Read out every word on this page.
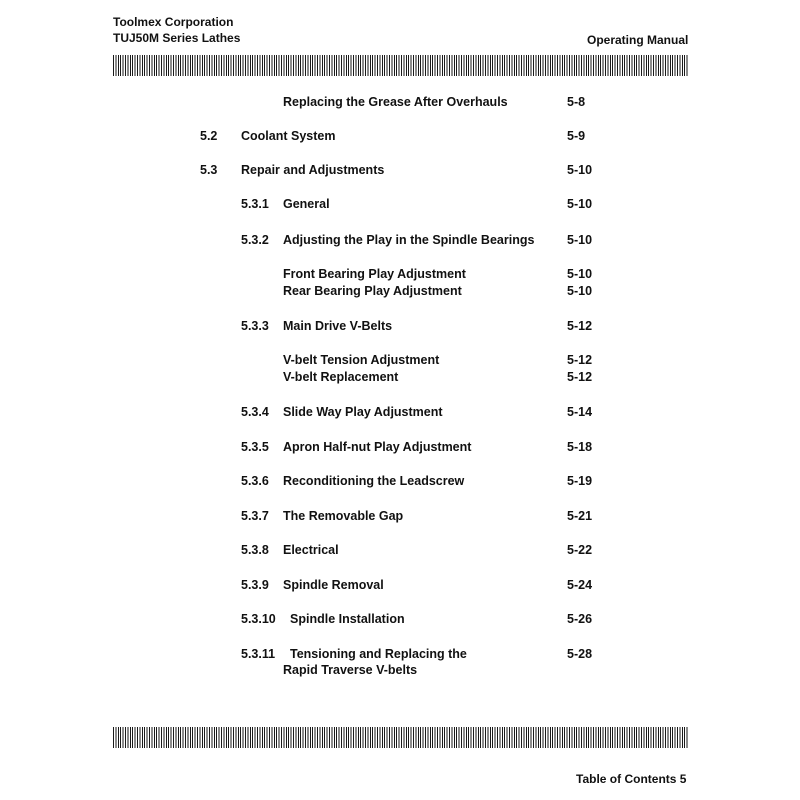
Toolmex Corporation
TUJ50M Series Lathes	Operating Manual
Replacing the Grease After Overhauls	5-8
5.2 Coolant System	5-9
5.3 Repair and Adjustments	5-10
5.3.1 General	5-10
5.3.2 Adjusting the Play in the Spindle Bearings	5-10
Front Bearing Play Adjustment	5-10
Rear Bearing Play Adjustment	5-10
5.3.3 Main Drive V-Belts	5-12
V-belt Tension Adjustment	5-12
V-belt Replacement	5-12
5.3.4 Slide Way Play Adjustment	5-14
5.3.5 Apron Half-nut Play Adjustment	5-18
5.3.6 Reconditioning the Leadscrew	5-19
5.3.7 The Removable Gap	5-21
5.3.8 Electrical	5-22
5.3.9 Spindle Removal	5-24
5.3.10 Spindle Installation	5-26
5.3.11 Tensioning and Replacing the	5-28
Rapid Traverse V-belts
Table of Contents 5
